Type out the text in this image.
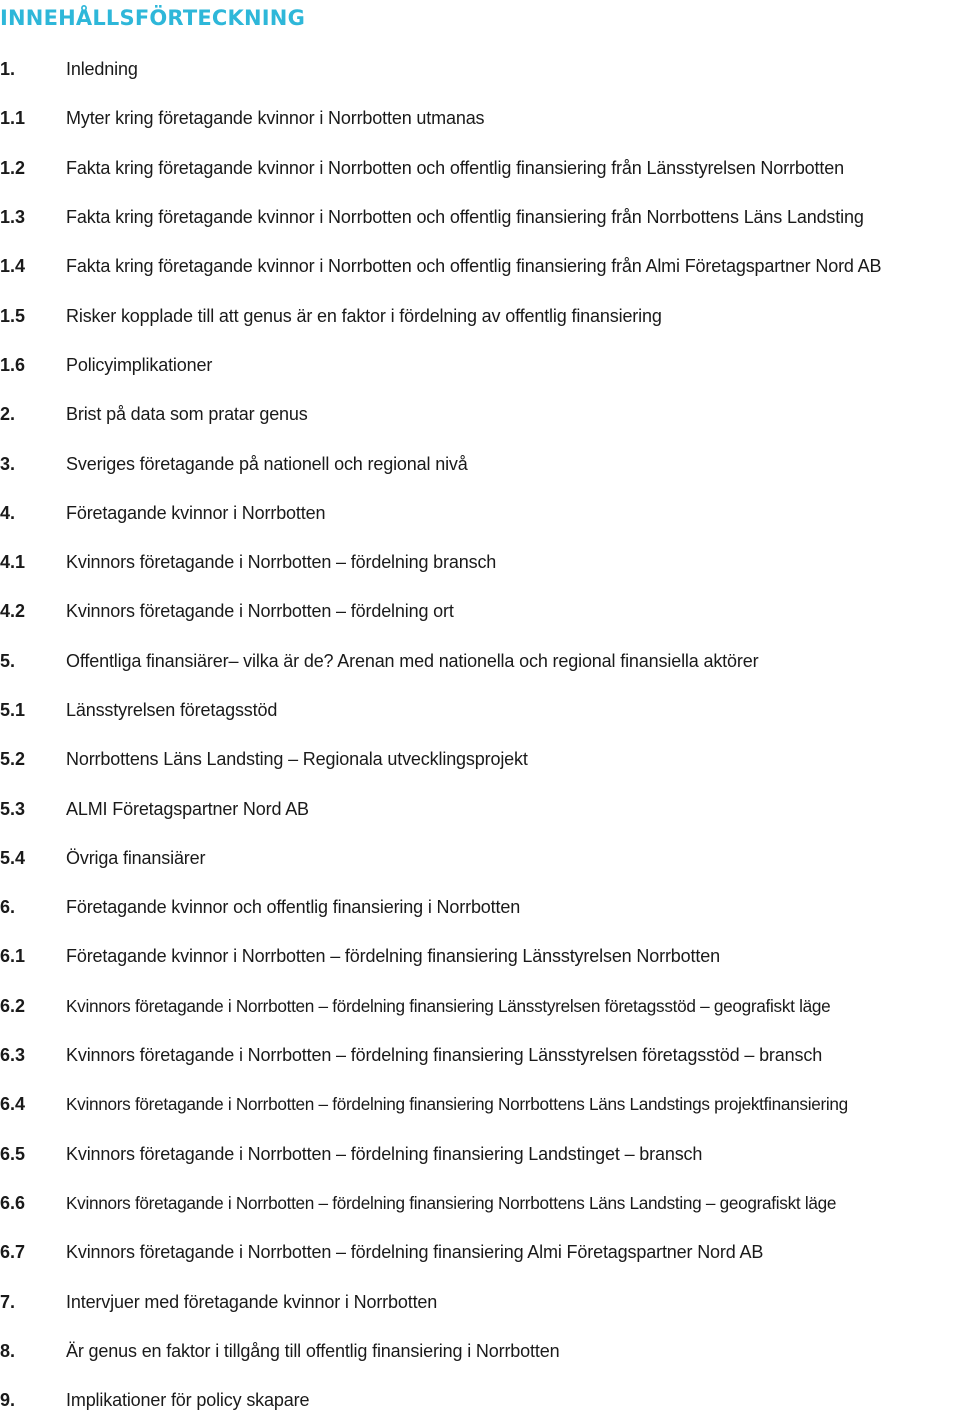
INNEHÅLLSFÖRTECKNING
1.	Inledning
1.1	Myter kring företagande kvinnor i Norrbotten utmanas
1.2	Fakta kring företagande kvinnor i Norrbotten och offentlig finansiering från Länsstyrelsen Norrbotten
1.3	Fakta kring företagande kvinnor i Norrbotten och offentlig finansiering från Norrbottens Läns Landsting
1.4	Fakta kring företagande kvinnor i Norrbotten och offentlig finansiering från Almi Företagspartner Nord AB
1.5	Risker kopplade till att genus är en faktor i fördelning av offentlig finansiering
1.6	Policyimplikationer
2.	Brist på data som pratar genus
3.	Sveriges företagande på nationell och regional nivå
4.	Företagande kvinnor i Norrbotten
4.1	Kvinnors företagande i Norrbotten – fördelning bransch
4.2	Kvinnors företagande i Norrbotten – fördelning ort
5.	Offentliga finansiärer– vilka är de? Arenan med nationella och regional finansiella aktörer
5.1	Länsstyrelsen företagsstöd
5.2	Norrbottens Läns Landsting – Regionala utvecklingsprojekt
5.3	ALMI Företagspartner Nord AB
5.4	Övriga finansiärer
6.	Företagande kvinnor och offentlig finansiering i Norrbotten
6.1	Företagande kvinnor i Norrbotten – fördelning finansiering Länsstyrelsen Norrbotten
6.2	Kvinnors företagande i Norrbotten – fördelning finansiering Länsstyrelsen företagsstöd – geografiskt läge
6.3	Kvinnors företagande i Norrbotten – fördelning finansiering Länsstyrelsen företagsstöd – bransch
6.4	Kvinnors företagande i Norrbotten – fördelning finansiering Norrbottens Läns Landstings projektfinansiering
6.5	Kvinnors företagande i Norrbotten – fördelning finansiering Landstinget – bransch
6.6	Kvinnors företagande i Norrbotten – fördelning finansiering Norrbottens Läns Landsting – geografiskt läge
6.7	Kvinnors företagande i Norrbotten – fördelning finansiering Almi Företagspartner Nord AB
7.	Intervjuer med företagande kvinnor i Norrbotten
8.	Är genus en faktor i tillgång till offentlig finansiering i Norrbotten
9.	Implikationer för policy skapare
